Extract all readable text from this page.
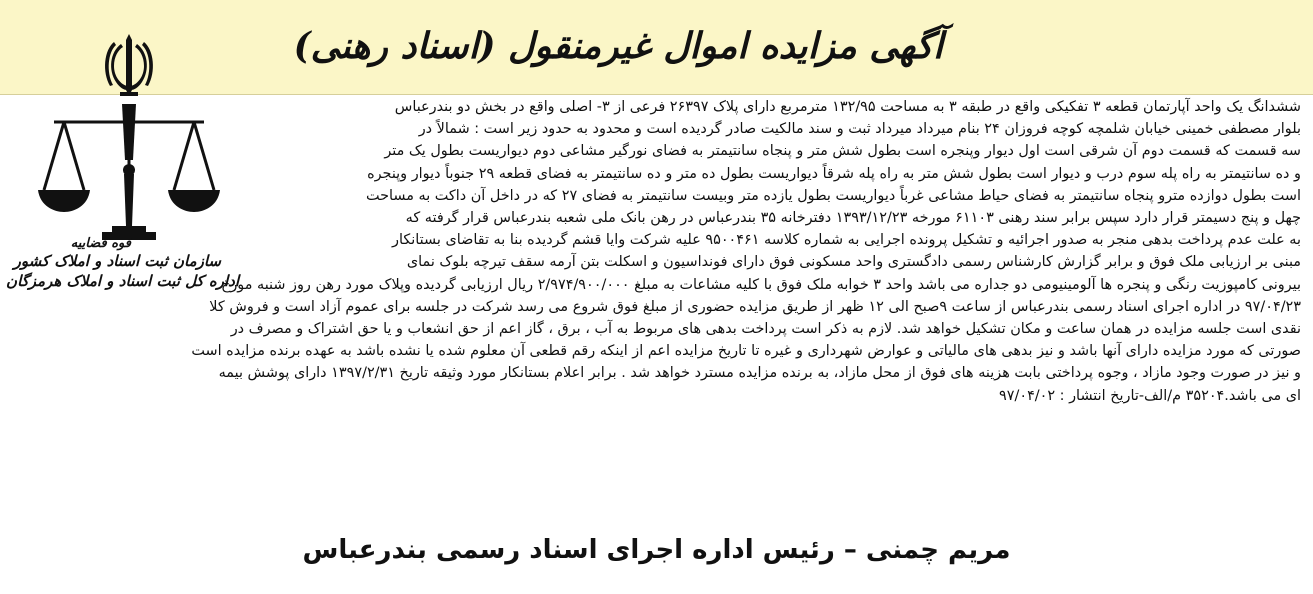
آگهی مزایده اموال غیرمنقول (اسناد رهنی)
قوه قضاییه
سازمان ثبت اسناد و املاک کشور
اداره کل ثبت اسناد و املاک هرمزگان
ششدانگ یک واحد آپارتمان قطعه ۳ تفکیکی واقع در طبقه ۳ به مساحت ۱۳۲/۹۵ مترمربع دارای پلاک ۲۶۳۹۷ فرعی از ۳- اصلی واقع در بخش دو بندرعباس
بلوار مصطفی خمینی خیابان شلمچه کوچه فروزان ۲۴ بنام میرداد میرداد ثبت و سند مالکیت صادر گردیده است و محدود به حدود زیر است : شمالاً در
سه قسمت که قسمت دوم آن شرقی است اول دیوار وپنجره است بطول شش متر و پنجاه سانتیمتر به فضای نورگیر مشاعی دوم دیواریست بطول یک متر
و ده سانتیمتر به راه پله سوم درب و دیوار است بطول شش متر به راه پله شرقاً دیواریست بطول ده متر و ده سانتیمتر به فضای قطعه ۲۹ جنوباً دیوار وپنجره
است بطول دوازده مترو پنجاه سانتیمتر به فضای حیاط مشاعی غرباً دیواریست بطول یازده متر وبیست سانتیمتر به فضای ۲۷ که در داخل آن داکت به مساحت
چهل و پنج دسیمتر قرار دارد سپس برابر سند رهنی ۶۱۱۰۳ مورخه ۱۳۹۳/۱۲/۲۳ دفترخانه ۳۵ بندرعباس در رهن بانک ملی شعبه بندرعباس قرار گرفته که
به علت عدم پرداخت بدهی منجر به صدور اجرائیه و تشکیل پرونده اجرایی به شماره کلاسه ۹۵۰۰۴۶۱ علیه شرکت وایا قشم گردیده بنا به تقاضای بستانکار
مبنی بر ارزیابی ملک فوق و برابر گزارش کارشناس رسمی دادگستری واحد مسکونی فوق دارای فونداسیون و اسکلت بتن آرمه سقف تیرچه بلوک نمای
بیرونی کامپوزیت رنگی و پنجره ها آلومینیومی دو جداره می باشد واحد ۳ خوابه ملک فوق با کلیه مشاعات به مبلغ ۲/۹۷۴/۹۰۰/۰۰۰ ریال ارزیابی گردیده وپلاک مورد رهن روز شنبه مورخ
۹۷/۰۴/۲۳ در اداره اجرای اسناد رسمی بندرعباس از ساعت ۹صبح الی ۱۲ ظهر از طریق مزایده حضوری از مبلغ فوق شروع می رسد شرکت در جلسه برای عموم آزاد است و فروش کلا
نقدی است جلسه مزایده در همان ساعت و مکان تشکیل خواهد شد. لازم به ذکر است پرداخت بدهی های مربوط به آب ، برق ، گاز اعم از حق انشعاب و یا حق اشتراک و مصرف در
صورتی که مورد مزایده دارای آنها باشد و نیز بدهی های مالیاتی و عوارض شهرداری و غیره تا تاریخ مزایده اعم از اینکه رقم قطعی آن معلوم شده یا نشده باشد به عهده برنده مزایده است
و نیز در صورت وجود مازاد ، وجوه پرداختی بابت هزینه های فوق از محل مازاد، به برنده مزایده مسترد خواهد شد . برابر اعلام بستانکار مورد وثیقه تاریخ ۱۳۹۷/۲/۳۱ دارای پوشش بیمه
ای می باشد.۳۵۲۰۴ م/الف-تاریخ انتشار : ۹۷/۰۴/۰۲
مریم چمنی – رئیس اداره اجرای اسناد رسمی بندرعباس
